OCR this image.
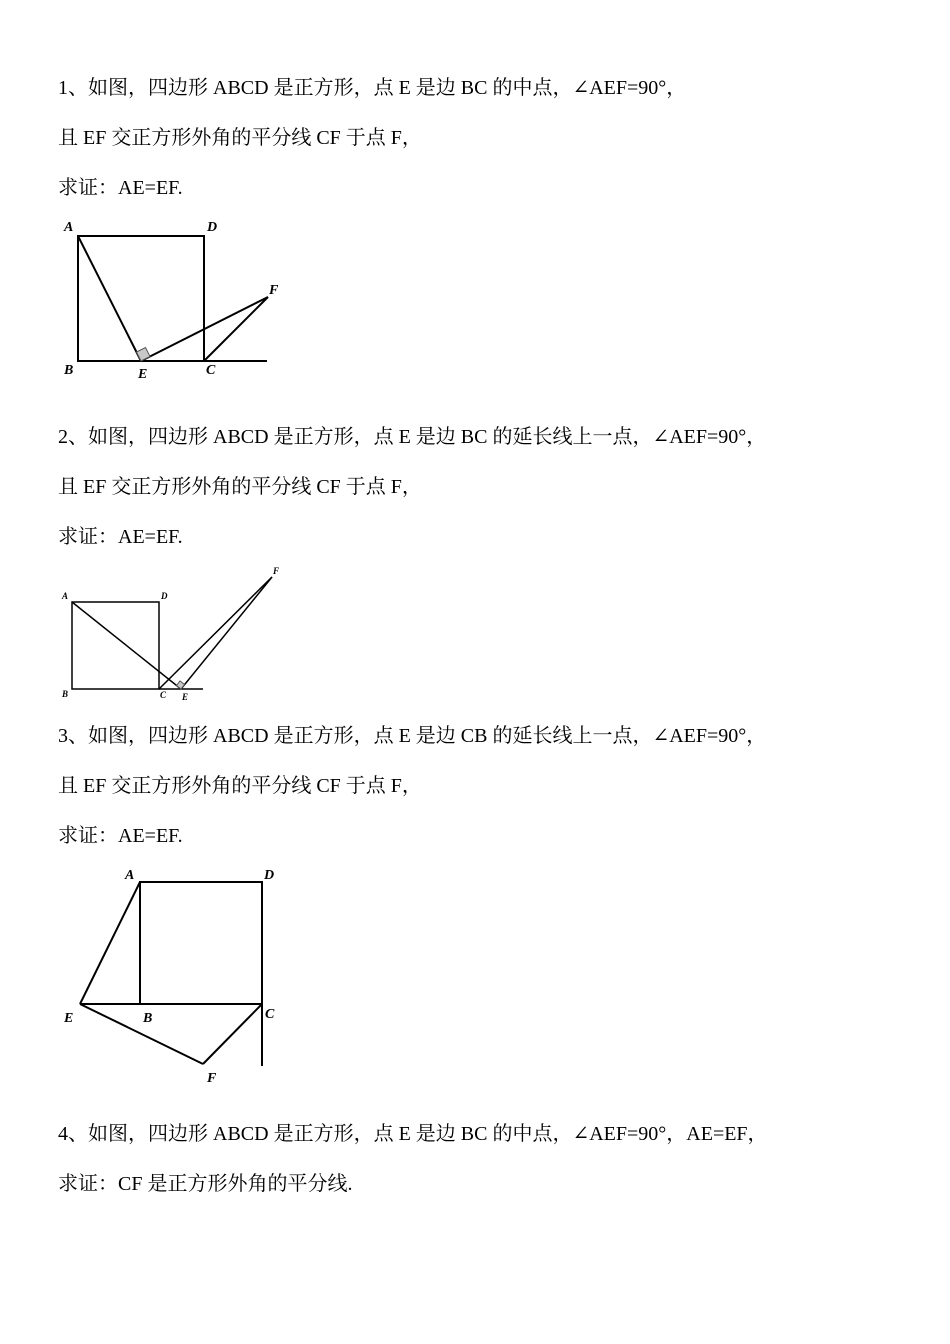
1、如图，四边形 ABCD 是正方形，点 E 是边 BC 的中点，∠AEF=90°，
且 EF 交正方形外角的平分线 CF 于点 F，
求证：AE=EF.
A	D
F
B	E	C
2、如图，四边形 ABCD 是正方形，点 E 是边 BC 的延长线上一点，∠AEF=90°，
且 EF 交正方形外角的平分线 CF 于点 F，
求证：AE=EF.
A	D
F
B	C E
3、如图，四边形 ABCD 是正方形，点 E 是边 CB 的延长线上一点，∠AEF=90°，
且 EF 交正方形外角的平分线 CF 于点 F，
求证：AE=EF.
A	D
E	B	C
F
4、如图，四边形 ABCD 是正方形，点 E 是边 BC 的中点，∠AEF=90°，AE=EF，
求证：CF 是正方形外角的平分线.
